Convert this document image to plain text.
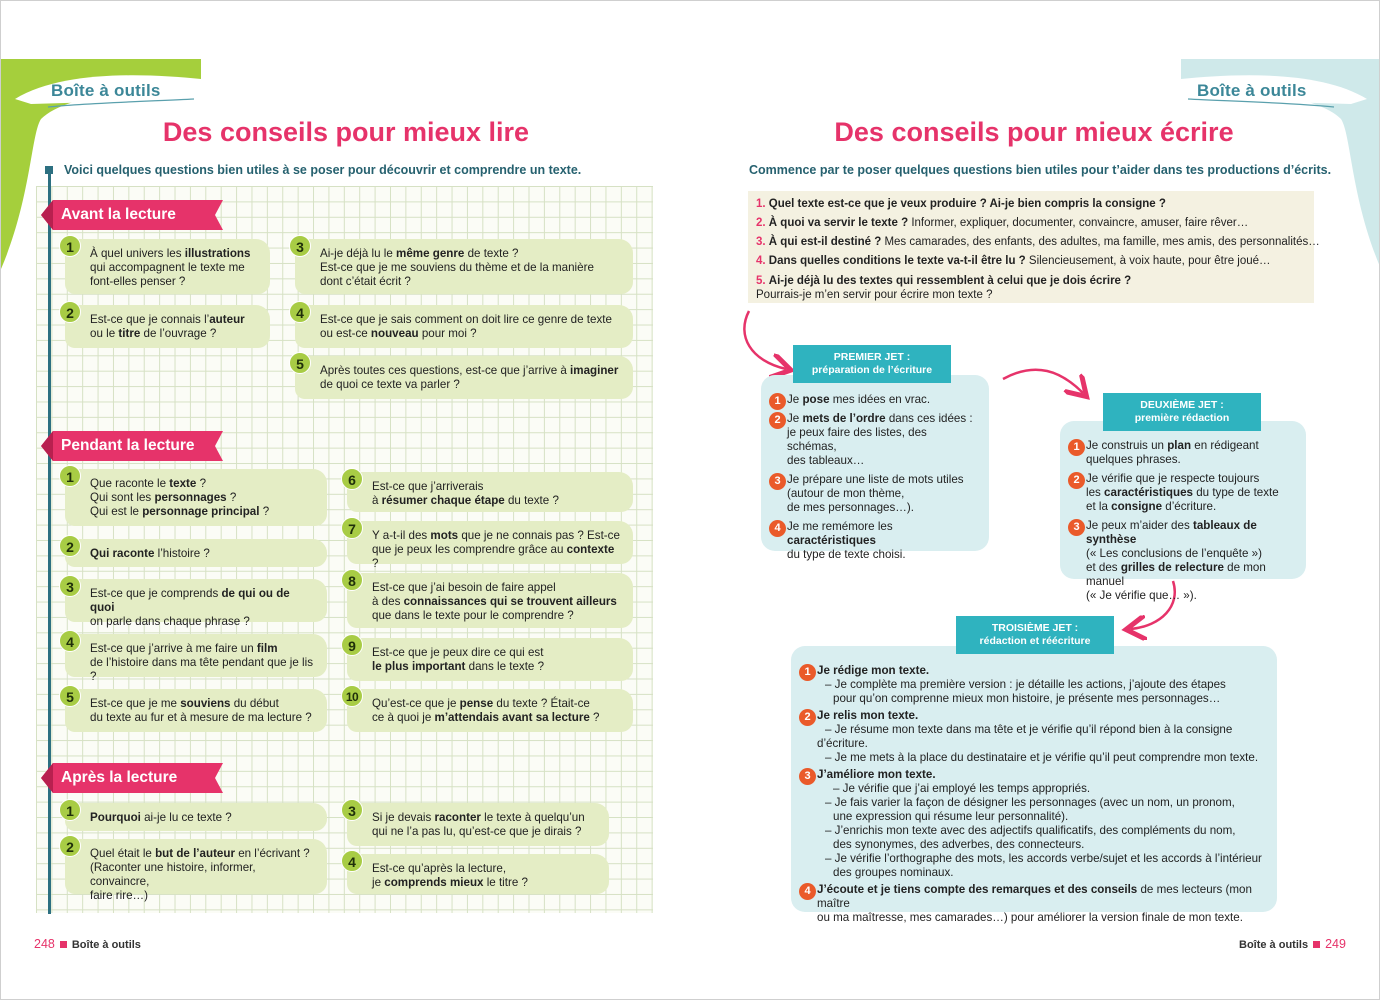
Boîte à outils
Des conseils pour mieux lire
Voici quelques questions bien utiles à se poser pour découvrir et comprendre un texte.
Avant la lecture
Pendant la lecture
Après la lecture
1	À quel univers les illustrations
qui accompagnent le texte me
font-elles penser ?
2	Est-ce que je connais l’auteur
ou le titre de l’ouvrage ?
3	Ai-je déjà lu le même genre de texte ?
Est-ce que je me souviens du thème et de la manière
dont c’était écrit ?
4	Est-ce que je sais comment on doit lire ce genre de texte
ou est-ce nouveau pour moi ?
5	Après toutes ces questions, est-ce que j’arrive à imaginer
de quoi ce texte va parler ?
1	Que raconte le texte ?
Qui sont les personnages ?
Qui est le personnage principal ?
2	Qui raconte l’histoire ?
3	Est-ce que je comprends de qui ou de quoi
on parle dans chaque phrase ?
4	Est-ce que j’arrive à me faire un film
de l’histoire dans ma tête pendant que je lis ?
5	Est-ce que je me souviens du début
du texte au fur et à mesure de ma lecture ?
6	Est-ce que j’arriverais
à résumer chaque étape du texte ?
7	Y a-t-il des mots que je ne connais pas ? Est-ce
que je peux les comprendre grâce au contexte ?
8	Est-ce que j’ai besoin de faire appel
à des connaissances qui se trouvent ailleurs
que dans le texte pour le comprendre ?
9	Est-ce que je peux dire ce qui est
le plus important dans le texte ?
10	Qu’est-ce que je pense du texte ? Était-ce
ce à quoi je m’attendais avant sa lecture ?
1	Pourquoi ai-je lu ce texte ?
2	Quel était le but de l’auteur en l’écrivant ?
(Raconter une histoire, informer, convaincre,
faire rire…)
3	Si je devais raconter le texte à quelqu’un
qui ne l’a pas lu, qu’est-ce que je dirais ?
4	Est-ce qu’après la lecture,
je comprends mieux le titre ?
248 Boîte à outils
Boîte à outils
Des conseils pour mieux écrire
Commence par te poser quelques questions bien utiles pour t’aider dans tes productions d’écrits.
1. Quel texte est-ce que je veux produire ? Ai-je bien compris la consigne ?
2. À quoi va servir le texte ? Informer, expliquer, documenter, convaincre, amuser, faire rêver…
3. À qui est-il destiné ? Mes camarades, des enfants, des adultes, ma famille, mes amis, des personnalités…
4. Dans quelles conditions le texte va-t-il être lu ? Silencieusement, à voix haute, pour être joué…
5. Ai-je déjà lu des textes qui ressemblent à celui que je dois écrire ?
Pourrais-je m’en servir pour écrire mon texte ?
1 Je pose mes idées en vrac.
2 Je mets de l’ordre dans ces idées :
je peux faire des listes, des schémas,
des tableaux…
3 Je prépare une liste de mots utiles
(autour de mon thème,
de mes personnages…).
4 Je me remémore les caractéristiques
du type de texte choisi.
PREMIER JET :
préparation de l’écriture
1 Je construis un plan en rédigeant
quelques phrases.
2 Je vérifie que je respecte toujours
les caractéristiques du type de texte
et la consigne d’écriture.
3 Je peux m’aider des tableaux de synthèse
(« Les conclusions de l’enquête »)
et des grilles de relecture de mon manuel
(« Je vérifie que… »).
DEUXIÈME JET :
première rédaction
1 Je rédige mon texte.
– Je complète ma première version : je détaille les actions, j’ajoute des étapes
pour qu’on comprenne mieux mon histoire, je présente mes personnages…
2 Je relis mon texte.
– Je résume mon texte dans ma tête et je vérifie qu’il répond bien à la consigne d’écriture.
– Je me mets à la place du destinataire et je vérifie qu’il peut comprendre mon texte.
3 J’améliore mon texte.
– Je vérifie que j’ai employé les temps appropriés.
– Je fais varier la façon de désigner les personnages (avec un nom, un pronom,
une expression qui résume leur personnalité).
– J’enrichis mon texte avec des adjectifs qualificatifs, des compléments du nom,
des synonymes, des adverbes, des connecteurs.
– Je vérifie l’orthographe des mots, les accords verbe/sujet et les accords à l’intérieur
des groupes nominaux.
4 J’écoute et je tiens compte des remarques et des conseils de mes lecteurs (mon maître
ou ma maîtresse, mes camarades…) pour améliorer la version finale de mon texte.
TROISIÈME JET :
rédaction et réécriture
Boîte à outils 249
